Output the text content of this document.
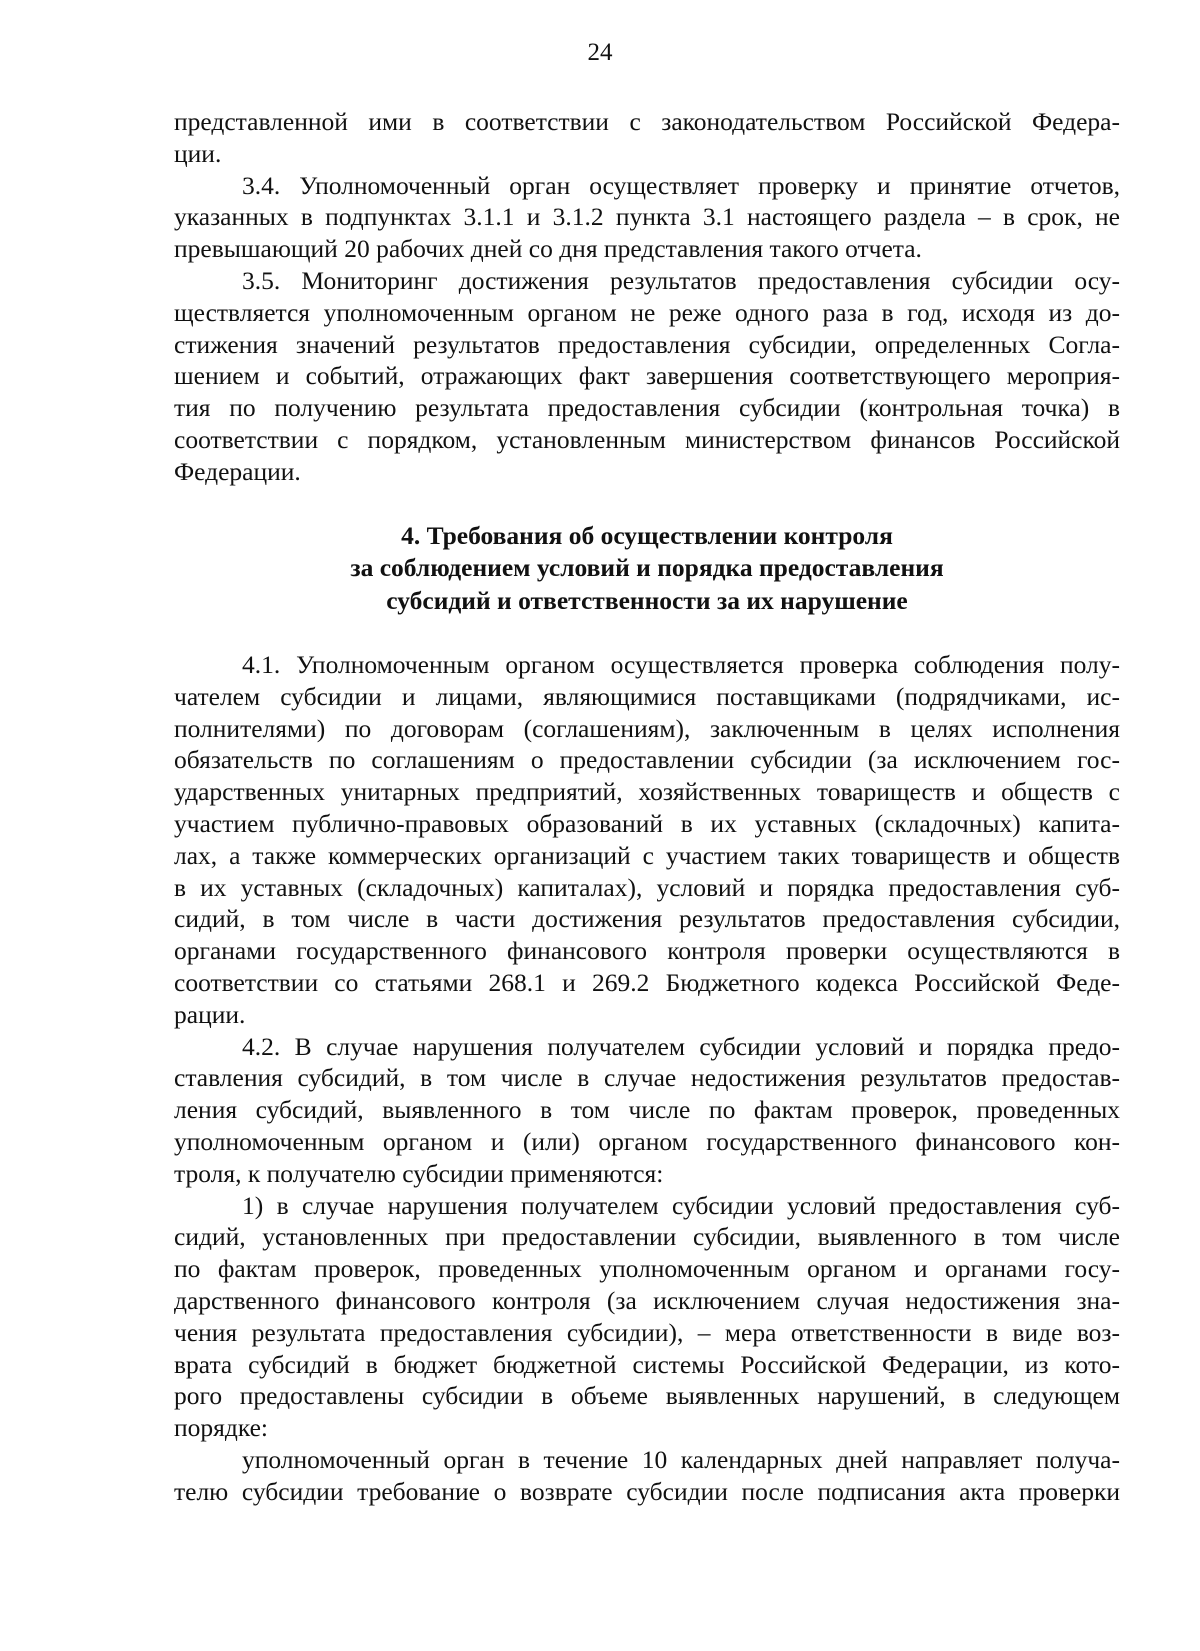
24
представленной ими в соответствии с законодательством Российской Федера-
ции.
3.4. Уполномоченный орган осуществляет проверку и принятие отчетов,
указанных в подпунктах 3.1.1 и 3.1.2 пункта 3.1 настоящего раздела – в срок, не
превышающий 20 рабочих дней со дня представления такого отчета.
3.5. Мониторинг достижения результатов предоставления субсидии осу-
ществляется уполномоченным органом не реже одного раза в год, исходя из до-
стижения значений результатов предоставления субсидии, определенных Согла-
шением и событий, отражающих факт завершения соответствующего мероприя-
тия по получению результата предоставления субсидии (контрольная точка) в
соответствии с порядком, установленным министерством финансов Российской
Федерации.
4. Требования об осуществлении контроля
за соблюдением условий и порядка предоставления
субсидий и ответственности за их нарушение
4.1. Уполномоченным органом осуществляется проверка соблюдения полу-
чателем субсидии и лицами, являющимися поставщиками (подрядчиками, ис-
полнителями) по договорам (соглашениям), заключенным в целях исполнения
обязательств по соглашениям о предоставлении субсидии (за исключением гос-
ударственных унитарных предприятий, хозяйственных товариществ и обществ с
участием публично-правовых образований в их уставных (складочных) капита-
лах, а также коммерческих организаций с участием таких товариществ и обществ
в их уставных (складочных) капиталах), условий и порядка предоставления суб-
сидий, в том числе в части достижения результатов предоставления субсидии,
органами государственного финансового контроля проверки осуществляются в
соответствии со статьями 268.1 и 269.2 Бюджетного кодекса Российской Феде-
рации.
4.2. В случае нарушения получателем субсидии условий и порядка предо-
ставления субсидий, в том числе в случае недостижения результатов предостав-
ления субсидий, выявленного в том числе по фактам проверок, проведенных
уполномоченным органом и (или) органом государственного финансового кон-
троля, к получателю субсидии применяются:
1) в случае нарушения получателем субсидии условий предоставления суб-
сидий, установленных при предоставлении субсидии, выявленного в том числе
по фактам проверок, проведенных уполномоченным органом и органами госу-
дарственного финансового контроля (за исключением случая недостижения зна-
чения результата предоставления субсидии), – мера ответственности в виде воз-
врата субсидий в бюджет бюджетной системы Российской Федерации, из кото-
рого предоставлены субсидии в объеме выявленных нарушений, в следующем
порядке:
уполномоченный орган в течение 10 календарных дней направляет получа-
телю субсидии требование о возврате субсидии после подписания акта проверки
